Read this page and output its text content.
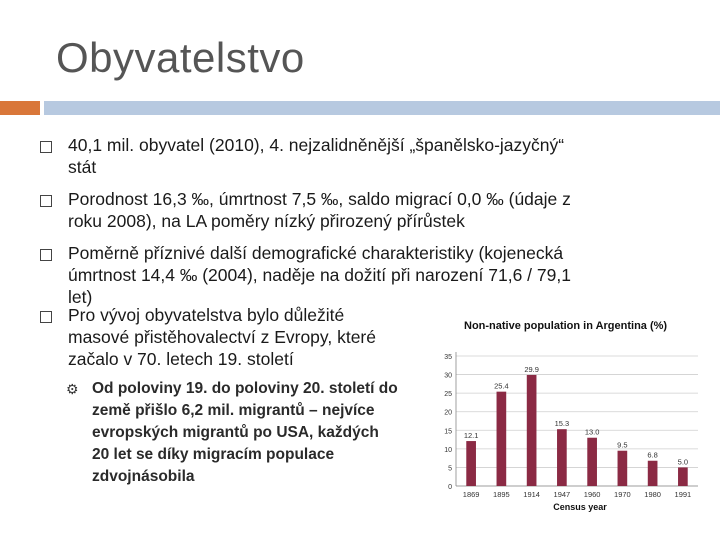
Obyvatelstvo
40,1 mil. obyvatel (2010), 4. nejzalidněnější „španělsko-jazyčný“
stát
Porodnost 16,3 ‰, úmrtnost 7,5 ‰, saldo migrací 0,0 ‰ (údaje z
roku 2008), na LA poměry nízký přirozený přírůstek
Poměrně příznivé další demografické charakteristiky (kojenecká
úmrtnost 14,4 ‰ (2004), naděje na dožití při narození 71,6 / 79,1
let)
Pro vývoj obyvatelstva bylo důležité
masové přistěhovalectví z Evropy, které
začalo v 70. letech 19. století
⚙ Od poloviny 19. do poloviny 20. století do
země přišlo 6,2 mil. migrantů – nejvíce
evropských migrantů po USA, každých
20 let se díky migracím populace
zdvojnásobila
Non-native population in Argentina (%)
Census year
0
5
10
15
20
25
30
35
12.1
1869
25.4
1895
29.9
1914
15.3
1947
13.0
1960
9.5
1970
6.8
1980
5.0
1991
